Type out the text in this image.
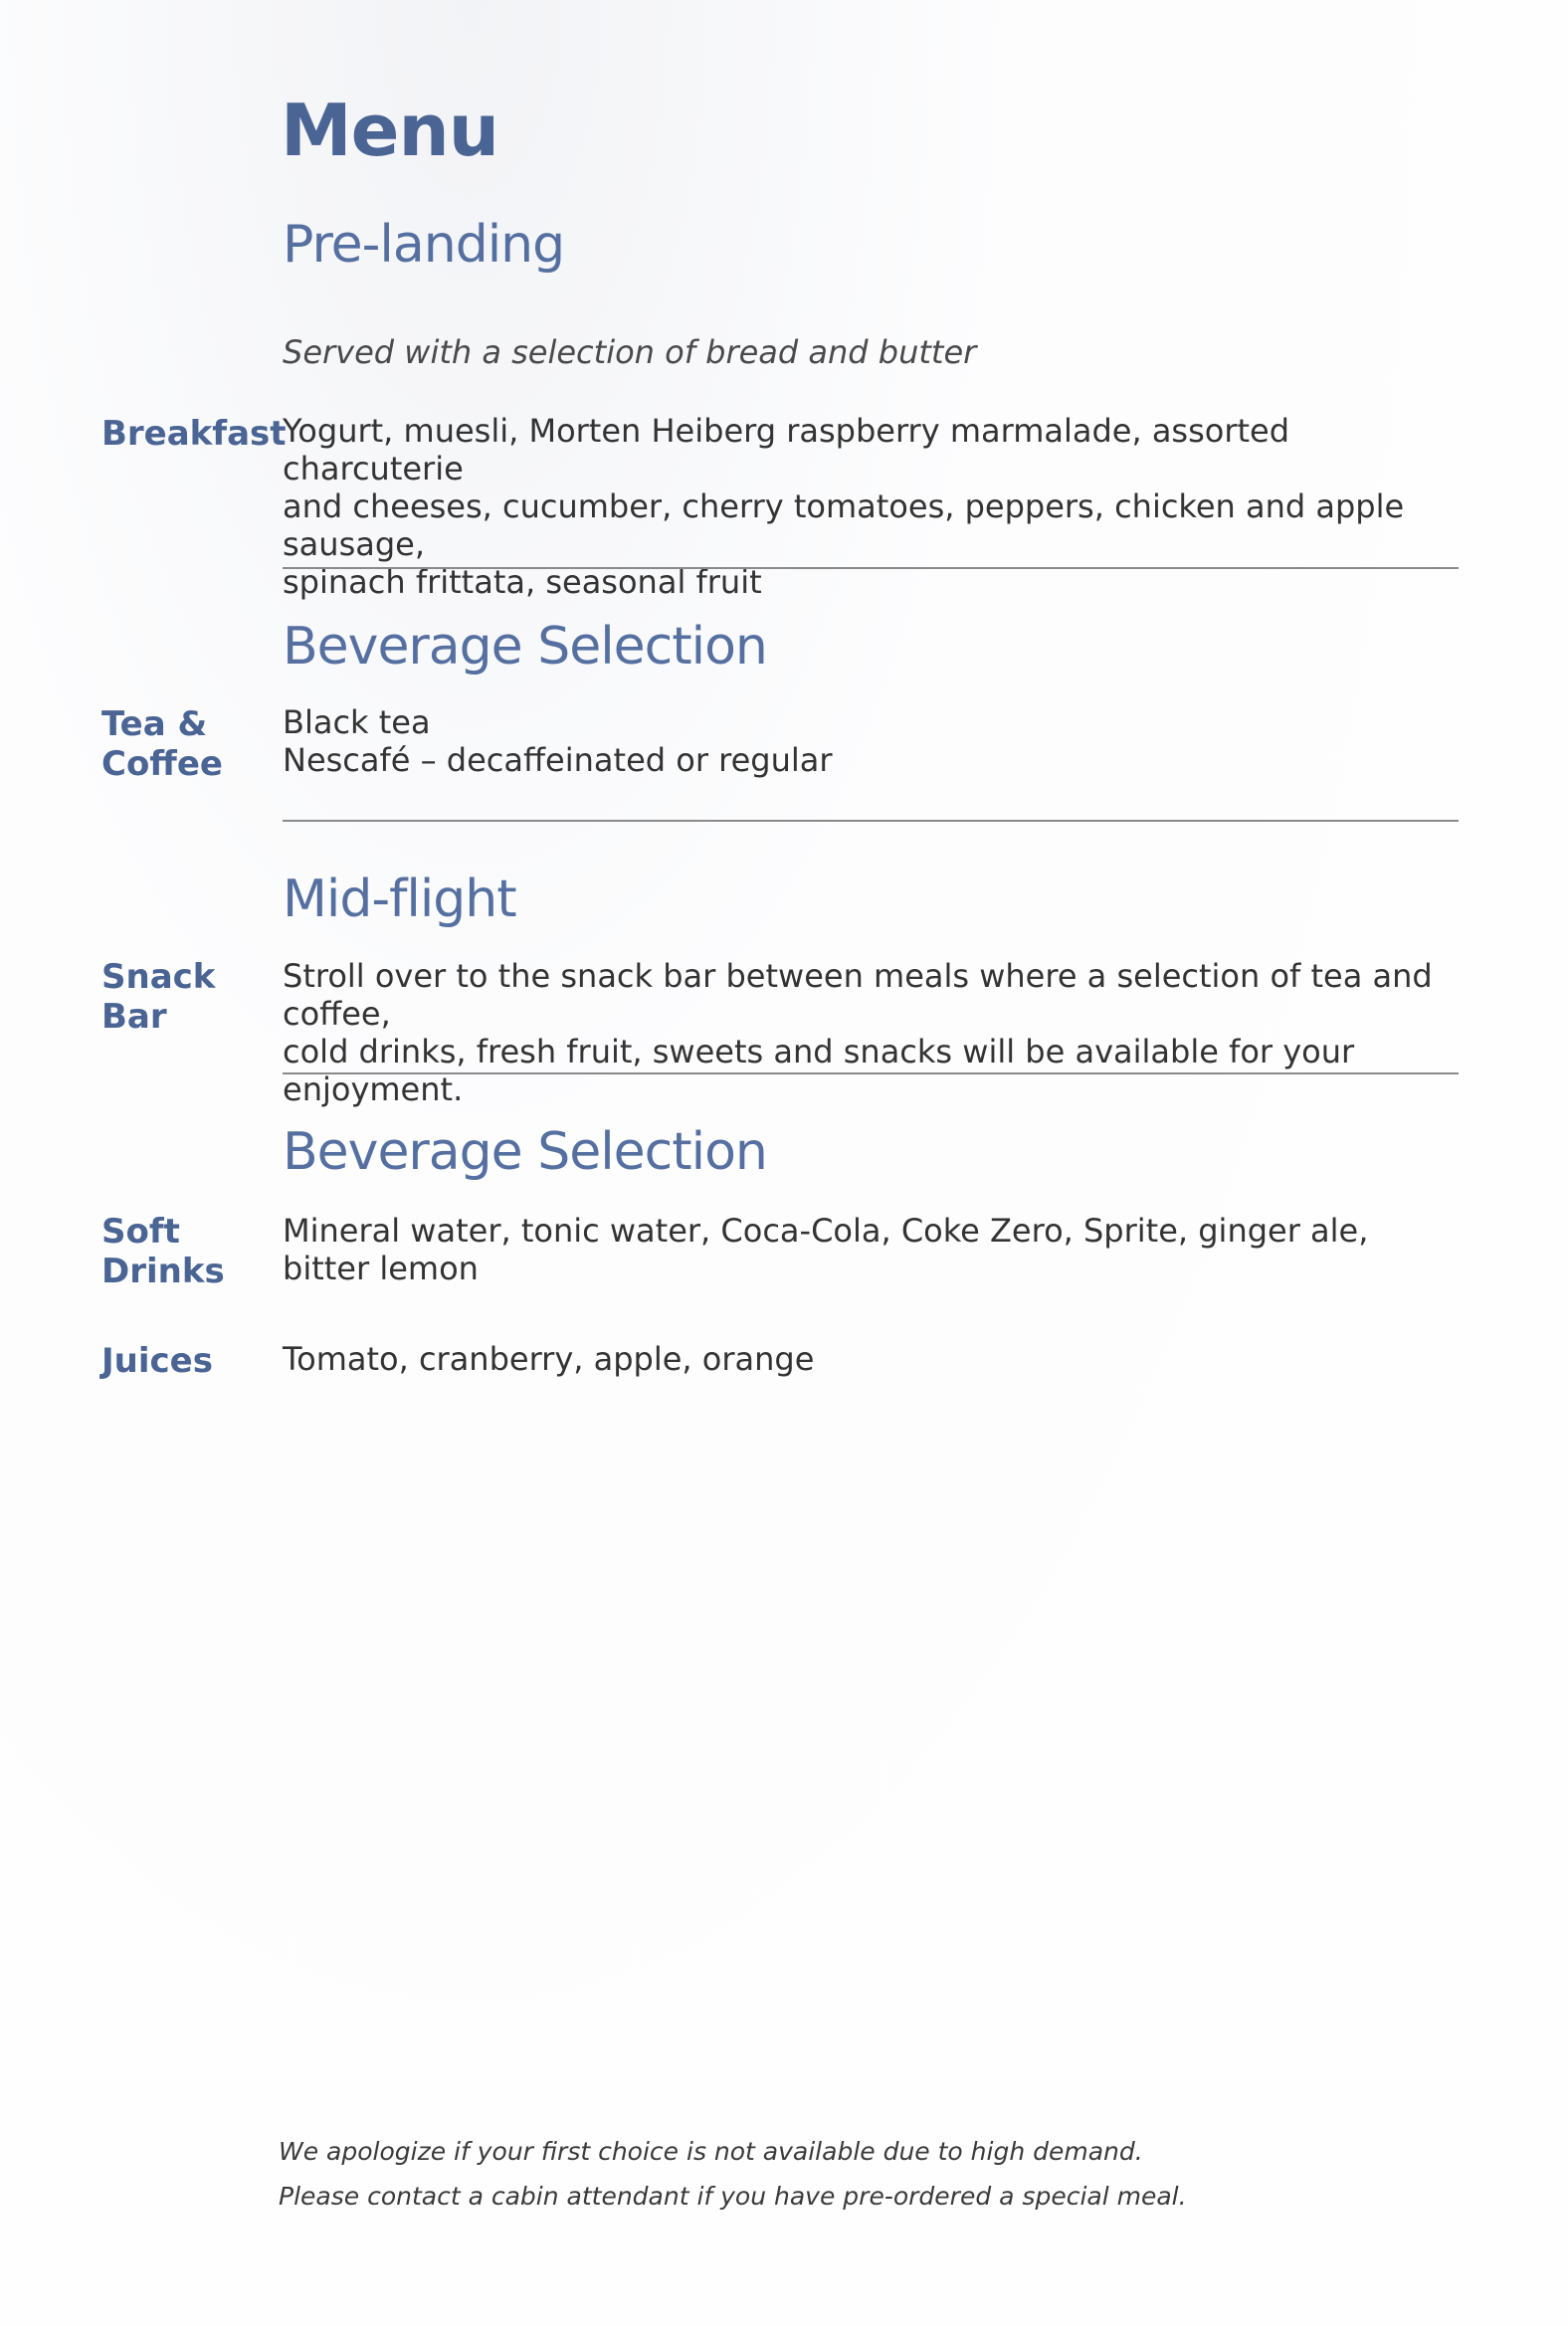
Menu
Pre-landing
Served with a selection of bread and butter
Breakfast
Yogurt, muesli, Morten Heiberg raspberry marmalade, assorted charcuterie
and cheeses, cucumber, cherry tomatoes, peppers, chicken and apple sausage,
spinach frittata, seasonal fruit
Beverage Selection
Tea &
Coffee
Black tea
Nescafé – decaffeinated or regular
Mid-flight
Snack
Bar
Stroll over to the snack bar between meals where a selection of tea and coffee,
cold drinks, fresh fruit, sweets and snacks will be available for your enjoyment.
Beverage Selection
Soft
Drinks
Mineral water, tonic water, Coca-Cola, Coke Zero, Sprite, ginger ale,
bitter lemon
Juices Tomato, cranberry, apple, orange
We apologize if your first choice is not available due to high demand.
Please contact a cabin attendant if you have pre-ordered a special meal.
